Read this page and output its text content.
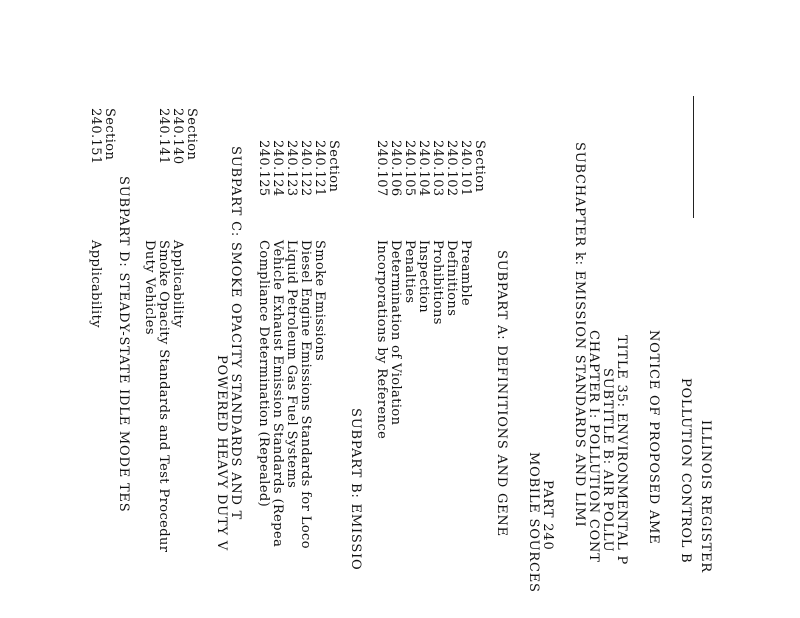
ILLINOIS REGISTER
POLLUTION CONTROL B
NOTICE OF PROPOSED AME
TITLE 35: ENVIRONMENTAL P
SUBTITLE B: AIR POLLU
CHAPTER I: POLLUTION CONT
SUBCHAPTER k: EMISSION STANDARDS AND LIMI
PART 240
MOBILE SOURCES
SUBPART A: DEFINITIONS AND GENE
Section
240.101
Preamble
240.102
Definitions
240.103
Prohibitions
240.104
Inspection
240.105
Penalties
240.106
Determination of Violation
240.107
Incorporations by Reference
SUBPART B: EMISSIO
Section
240.121
Smoke Emissions
240.122
Diesel Engine Emissions Standards for Loco
240.123
Liquid Petroleum Gas Fuel Systems
240.124
Vehicle Exhaust Emission Standards (Repea
240.125
Compliance Determination (Repealed)
SUBPART C: SMOKE OPACITY STANDARDS AND T
POWERED HEAVY DUTY V
Section
240.140
Applicability
240.141
Smoke Opacity Standards and Test Procedur
Duty Vehicles
SUBPART D: STEADY-STATE IDLE MODE TES
Section
240.151
Applicability
